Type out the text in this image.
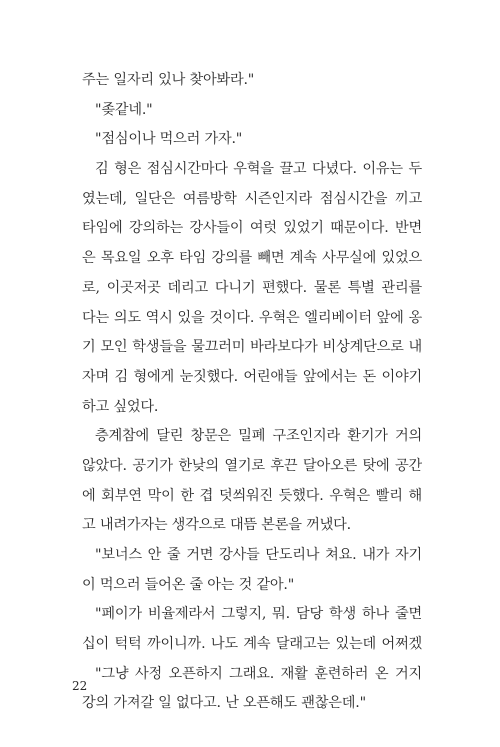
주는 일자리 있나 찾아봐라."
"좆같네."
"점심이나 먹으러 가자."
김 형은 점심시간마다 우혁을 끌고 다녔다. 이유는 두
였는데, 일단은 여름방학 시즌인지라 점심시간을 끼고
타임에 강의하는 강사들이 여럿 있었기 때문이다. 반면
은 목요일 오후 타임 강의를 빼면 계속 사무실에 있었으
로, 이곳저곳 데리고 다니기 편했다. 물론 특별 관리를
다는 의도 역시 있을 것이다. 우혁은 엘리베이터 앞에 옹
기 모인 학생들을 물끄러미 바라보다가 비상계단으로 내
자며 김 형에게 눈짓했다. 어린애들 앞에서는 돈 이야기
하고 싶었다.
층계참에 달린 창문은 밀폐 구조인지라 환기가 거의
않았다. 공기가 한낮의 열기로 후끈 달아오른 탓에 공간
에 회부연 막이 한 겹 덧씌워진 듯했다. 우혁은 빨리 해
고 내려가자는 생각으로 대뜸 본론을 꺼냈다.
"보너스 안 줄 거면 강사들 단도리나 쳐요. 내가 자기
이 먹으러 들어온 줄 아는 것 같아."
"페이가 비율제라서 그렇지, 뭐. 담당 학생 하나 줄면
십이 턱턱 까이니까. 나도 계속 달래고는 있는데 어쩌겠
"그냥 사정 오픈하지 그래요. 재활 훈련하러 온 거지
강의 가져갈 일 없다고. 난 오픈해도 괜찮은데."
22
